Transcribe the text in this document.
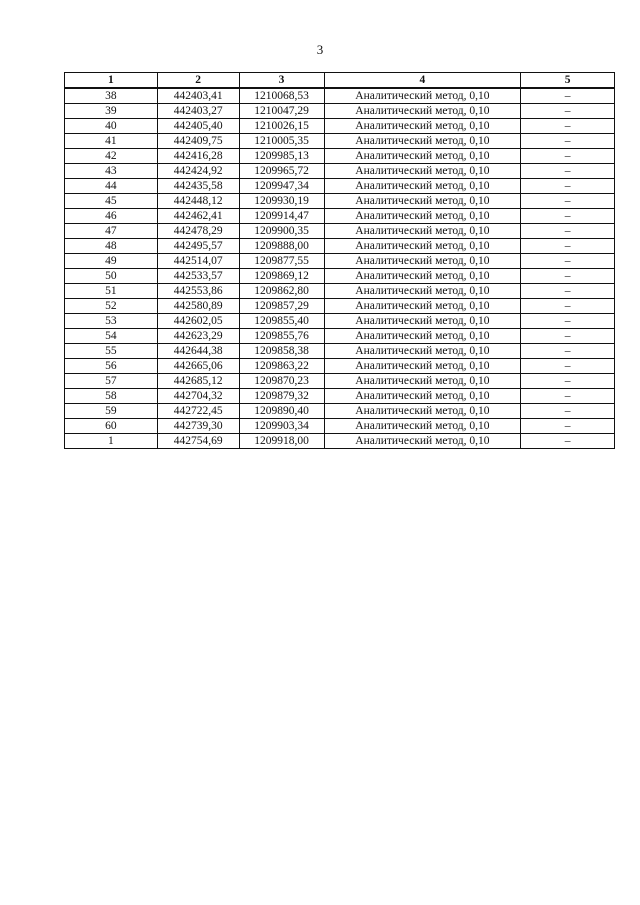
3
1	2	3	4	5
38	442403,41	1210068,53	Аналитический метод, 0,10	–
39	442403,27	1210047,29	Аналитический метод, 0,10	–
40	442405,40	1210026,15	Аналитический метод, 0,10	–
41	442409,75	1210005,35	Аналитический метод, 0,10	–
42	442416,28	1209985,13	Аналитический метод, 0,10	–
43	442424,92	1209965,72	Аналитический метод, 0,10	–
44	442435,58	1209947,34	Аналитический метод, 0,10	–
45	442448,12	1209930,19	Аналитический метод, 0,10	–
46	442462,41	1209914,47	Аналитический метод, 0,10	–
47	442478,29	1209900,35	Аналитический метод, 0,10	–
48	442495,57	1209888,00	Аналитический метод, 0,10	–
49	442514,07	1209877,55	Аналитический метод, 0,10	–
50	442533,57	1209869,12	Аналитический метод, 0,10	–
51	442553,86	1209862,80	Аналитический метод, 0,10	–
52	442580,89	1209857,29	Аналитический метод, 0,10	–
53	442602,05	1209855,40	Аналитический метод, 0,10	–
54	442623,29	1209855,76	Аналитический метод, 0,10	–
55	442644,38	1209858,38	Аналитический метод, 0,10	–
56	442665,06	1209863,22	Аналитический метод, 0,10	–
57	442685,12	1209870,23	Аналитический метод, 0,10	–
58	442704,32	1209879,32	Аналитический метод, 0,10	–
59	442722,45	1209890,40	Аналитический метод, 0,10	–
60	442739,30	1209903,34	Аналитический метод, 0,10	–
1	442754,69	1209918,00	Аналитический метод, 0,10	–
